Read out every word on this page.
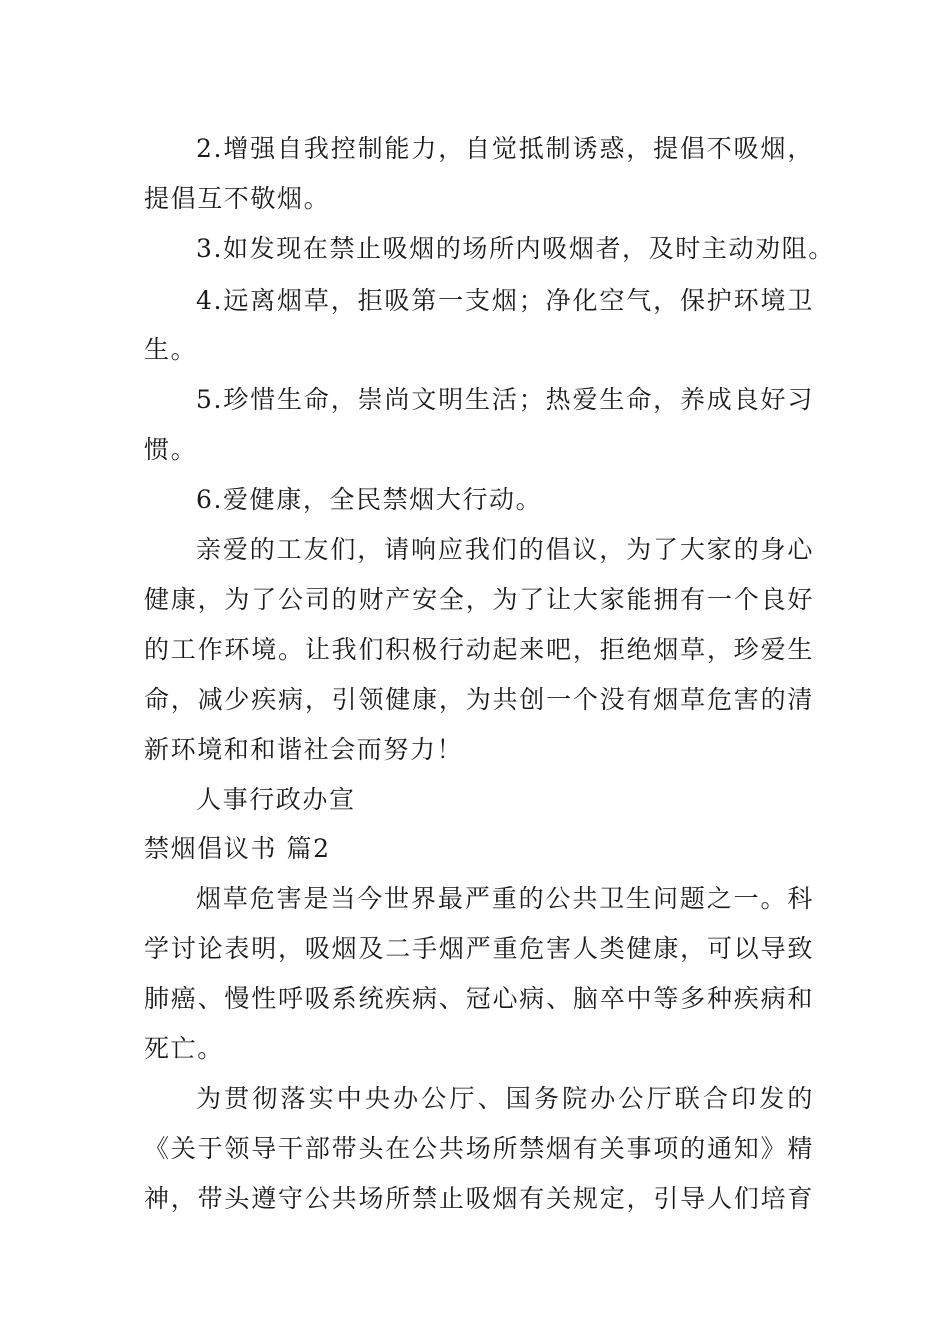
2.增强自我控制能力，自觉抵制诱惑，提倡不吸烟，
提倡互不敬烟。
3.如发现在禁止吸烟的场所内吸烟者，及时主动劝阻。
4.远离烟草，拒吸第一支烟；净化空气，保护环境卫
生。
5.珍惜生命，崇尚文明生活；热爱生命，养成良好习
惯。
6.爱健康，全民禁烟大行动。
亲爱的工友们，请响应我们的倡议，为了大家的身心
健康，为了公司的财产安全，为了让大家能拥有一个良好
的工作环境。让我们积极行动起来吧，拒绝烟草，珍爱生
命，减少疾病，引领健康，为共创一个没有烟草危害的清
新环境和和谐社会而努力！
人事行政办宣
禁烟倡议书 篇2
烟草危害是当今世界最严重的公共卫生问题之一。科
学讨论表明，吸烟及二手烟严重危害人类健康，可以导致
肺癌、慢性呼吸系统疾病、冠心病、脑卒中等多种疾病和
死亡。
为贯彻落实中央办公厅、国务院办公厅联合印发的
《关于领导干部带头在公共场所禁烟有关事项的通知》精
神，带头遵守公共场所禁止吸烟有关规定，引导人们培育
